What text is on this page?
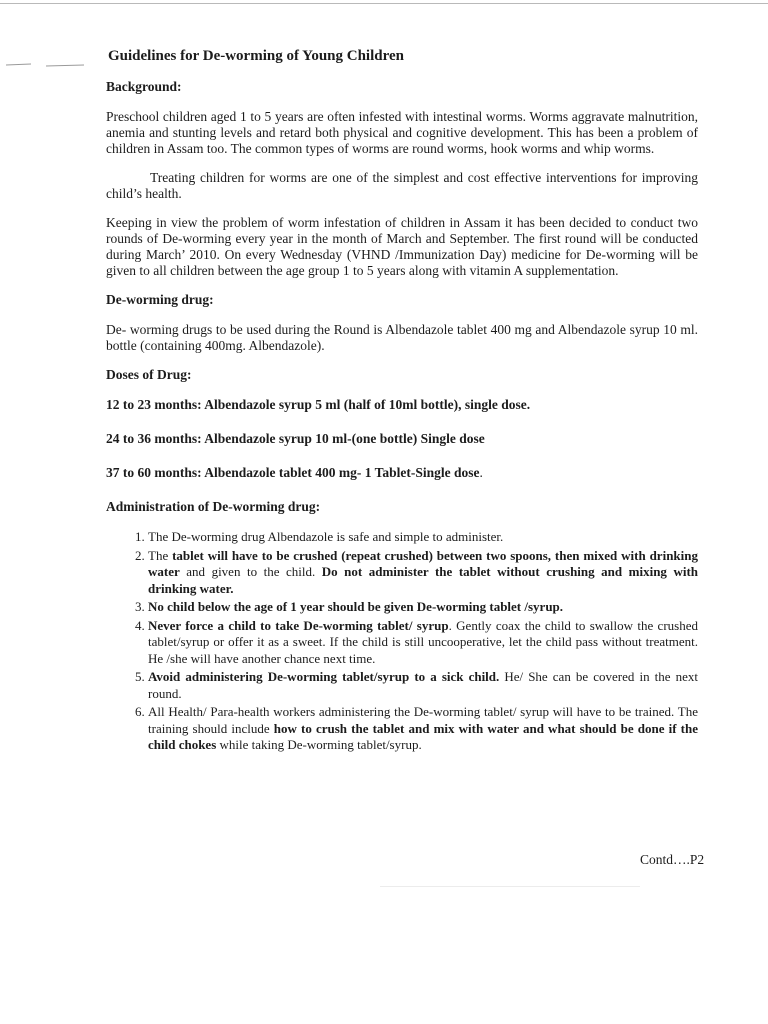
Guidelines for De-worming of Young Children
Background:

Preschool children aged 1 to 5 years are often infested with intestinal worms. Worms aggravate malnutrition, anemia and stunting levels and retard both physical and cognitive development. This has been a problem of children in Assam too. The common types of worms are round worms, hook worms and whip worms.

Treating children for worms are one of the simplest and cost effective interventions for improving child’s health.

Keeping in view the problem of worm infestation of children in Assam it has been decided to conduct two rounds of De-worming every year in the month of March and September. The first round will be conducted during March’ 2010. On every Wednesday (VHND /Immunization Day) medicine for De-worming will be given to all children between the age group 1 to 5 years along with vitamin A supplementation.

De-worming drug:

De- worming drugs to be used during the Round is Albendazole tablet 400 mg and Albendazole syrup 10 ml. bottle (containing 400mg. Albendazole).

Doses of Drug:
12 to 23 months: Albendazole syrup 5 ml (half of 10ml bottle), single dose.
24 to 36 months: Albendazole syrup 10 ml-(one bottle) Single dose
37 to 60 months: Albendazole tablet 400 mg- 1 Tablet-Single dose.
Administration of De-worming drug:
1. The De-worming drug Albendazole is safe and simple to administer.
2. The tablet will have to be crushed (repeat crushed) between two spoons, then mixed with drinking water and given to the child. Do not administer the tablet without crushing and mixing with drinking water.
3. No child below the age of 1 year should be given De-worming tablet /syrup.
4. Never force a child to take De-worming tablet/ syrup. Gently coax the child to swallow the crushed tablet/syrup or offer it as a sweet. If the child is still uncooperative, let the child pass without treatment. He /she will have another chance next time.
5. Avoid administering De-worming tablet/syrup to a sick child. He/ She can be covered in the next round.
6. All Health/ Para-health workers administering the De-worming tablet/ syrup will have to be trained. The training should include how to crush the tablet and mix with water and what should be done if the child chokes while taking De-worming tablet/syrup.
Contd….P2
